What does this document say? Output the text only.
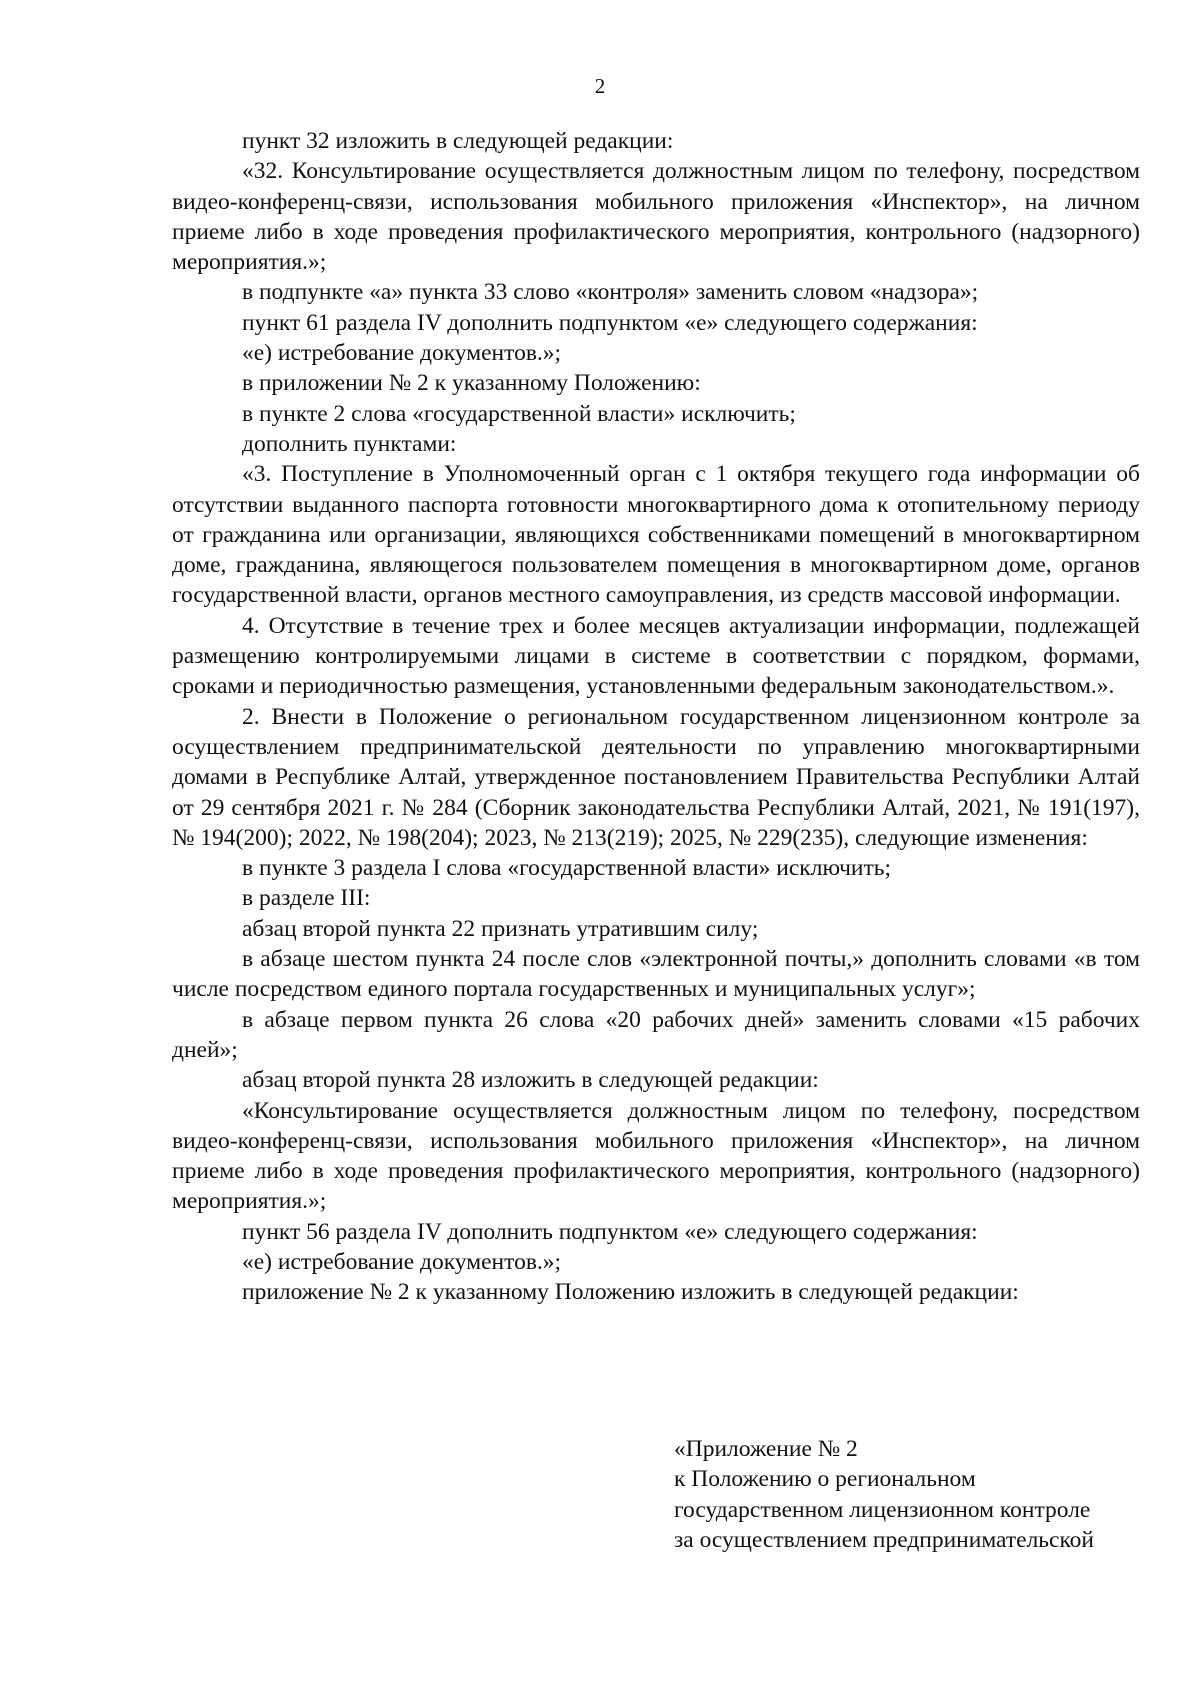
2

пункт 32 изложить в следующей редакции:

«32. Консультирование осуществляется должностным лицом по телефону, посредством видео-конференц-связи, использования мобильного приложения «Инспектор», на личном приеме либо в ходе проведения профилактического мероприятия, контрольного (надзорного) мероприятия.»;

в подпункте «а» пункта 33 слово «контроля» заменить словом «надзора»;

пункт 61 раздела IV дополнить подпунктом «е» следующего содержания:

«е) истребование документов.»;

в приложении № 2 к указанному Положению:

в пункте 2 слова «государственной власти» исключить;

дополнить пунктами:

«3. Поступление в Уполномоченный орган с 1 октября текущего года информации об отсутствии выданного паспорта готовности многоквартирного дома к отопительному периоду от гражданина или организации, являющихся собственниками помещений в многоквартирном доме, гражданина, являющегося пользователем помещения в многоквартирном доме, органов государственной власти, органов местного самоуправления, из средств массовой информации.

4. Отсутствие в течение трех и более месяцев актуализации информации, подлежащей размещению контролируемыми лицами в системе в соответствии с порядком, формами, сроками и периодичностью размещения, установленными федеральным законодательством.».

2. Внести в Положение о региональном государственном лицензионном контроле за осуществлением предпринимательской деятельности по управлению многоквартирными домами в Республике Алтай, утвержденное постановлением Правительства Республики Алтай от 29 сентября 2021 г. № 284 (Сборник законодательства Республики Алтай, 2021, № 191(197), № 194(200); 2022, № 198(204); 2023, № 213(219); 2025, № 229(235), следующие изменения:

в пункте 3 раздела I слова «государственной власти» исключить;

в разделе III:

абзац второй пункта 22 признать утратившим силу;

в абзаце шестом пункта 24 после слов «электронной почты,» дополнить словами «в том числе посредством единого портала государственных и муниципальных услуг»;

в абзаце первом пункта 26 слова «20 рабочих дней» заменить словами «15 рабочих дней»;

абзац второй пункта 28 изложить в следующей редакции:

«Консультирование осуществляется должностным лицом по телефону, посредством видео-конференц-связи, использования мобильного приложения «Инспектор», на личном приеме либо в ходе проведения профилактического мероприятия, контрольного (надзорного) мероприятия.»;

пункт 56 раздела IV дополнить подпунктом «е» следующего содержания:

«е) истребование документов.»;

приложение № 2 к указанному Положению изложить в следующей редакции:

«Приложение № 2
к Положению о региональном
государственном лицензионном контроле
за осуществлением предпринимательской
